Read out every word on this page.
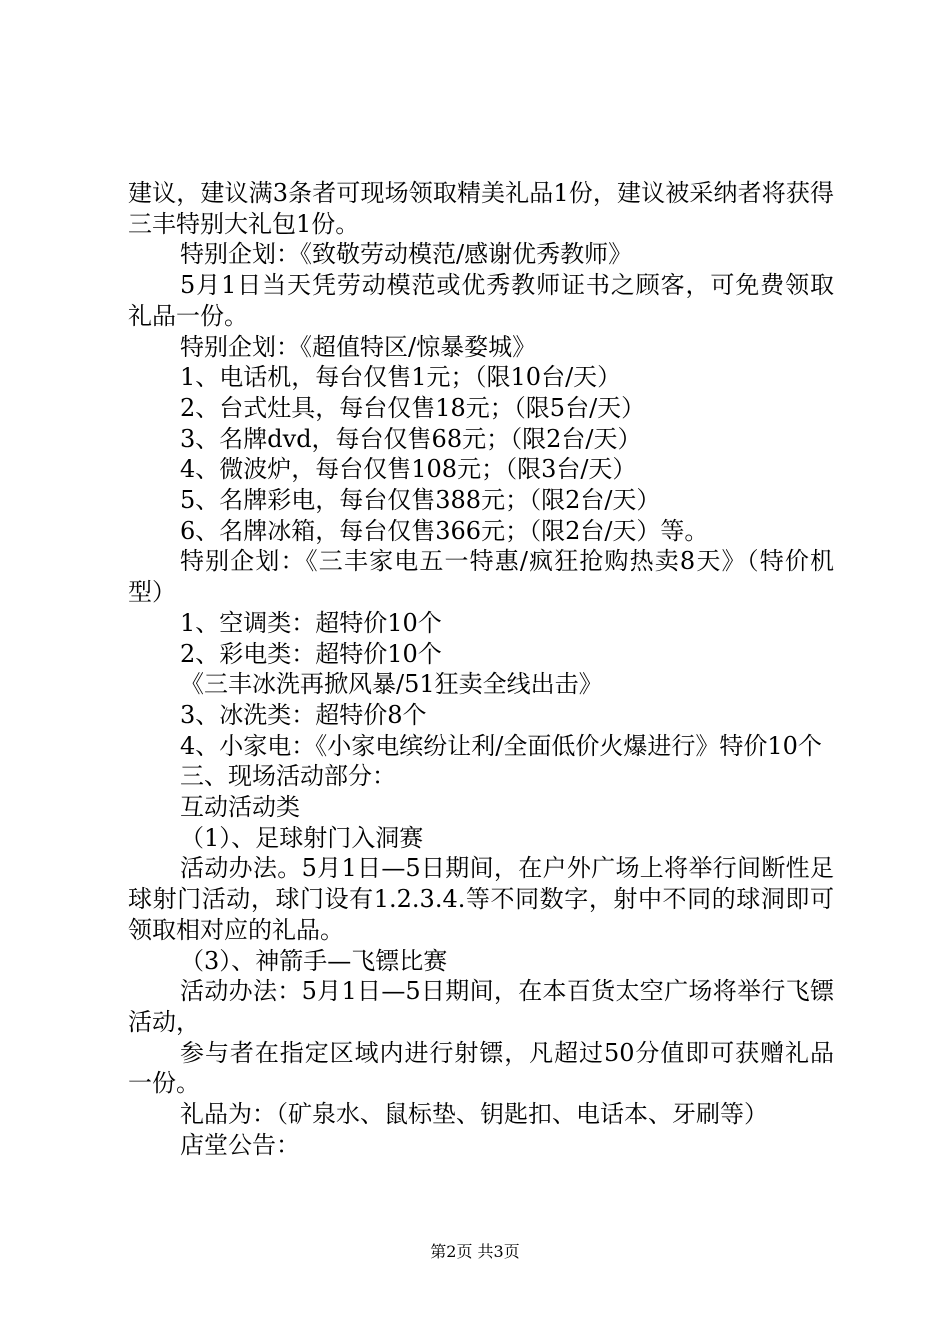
建议，建议满3条者可现场领取精美礼品1份，建议被采纳者将获得三丰特别大礼包1份。

特别企划：《致敬劳动模范/感谢优秀教师》

5月1日当天凭劳动模范或优秀教师证书之顾客，可免费领取礼品一份。

特别企划：《超值特区/惊暴婺城》

1、电话机，每台仅售1元；（限10台/天）

2、台式灶具，每台仅售18元；（限5台/天）

3、名牌dvd，每台仅售68元；（限2台/天）

4、微波炉，每台仅售108元；（限3台/天）

5、名牌彩电，每台仅售388元；（限2台/天）

6、名牌冰箱，每台仅售366元；（限2台/天）等。

特别企划：《三丰家电五一特惠/疯狂抢购热卖8天》（特价机型）

1、空调类：超特价10个

2、彩电类：超特价10个

《三丰冰洗再掀风暴/51狂卖全线出击》

3、冰洗类：超特价8个

4、小家电：《小家电缤纷让利/全面低价火爆进行》特价10个

三、现场活动部分：

互动活动类

（1）、足球射门入洞赛

活动办法。5月1日—5日期间，在户外广场上将举行间断性足球射门活动，球门设有1.2.3.4.等不同数字，射中不同的球洞即可领取相对应的礼品。

（3）、神箭手—飞镖比赛

活动办法：5月1日—5日期间，在本百货太空广场将举行飞镖活动，

参与者在指定区域内进行射镖，凡超过50分值即可获赠礼品一份。

礼品为：（矿泉水、鼠标垫、钥匙扣、电话本、牙刷等）

店堂公告：

第2页 共3页
